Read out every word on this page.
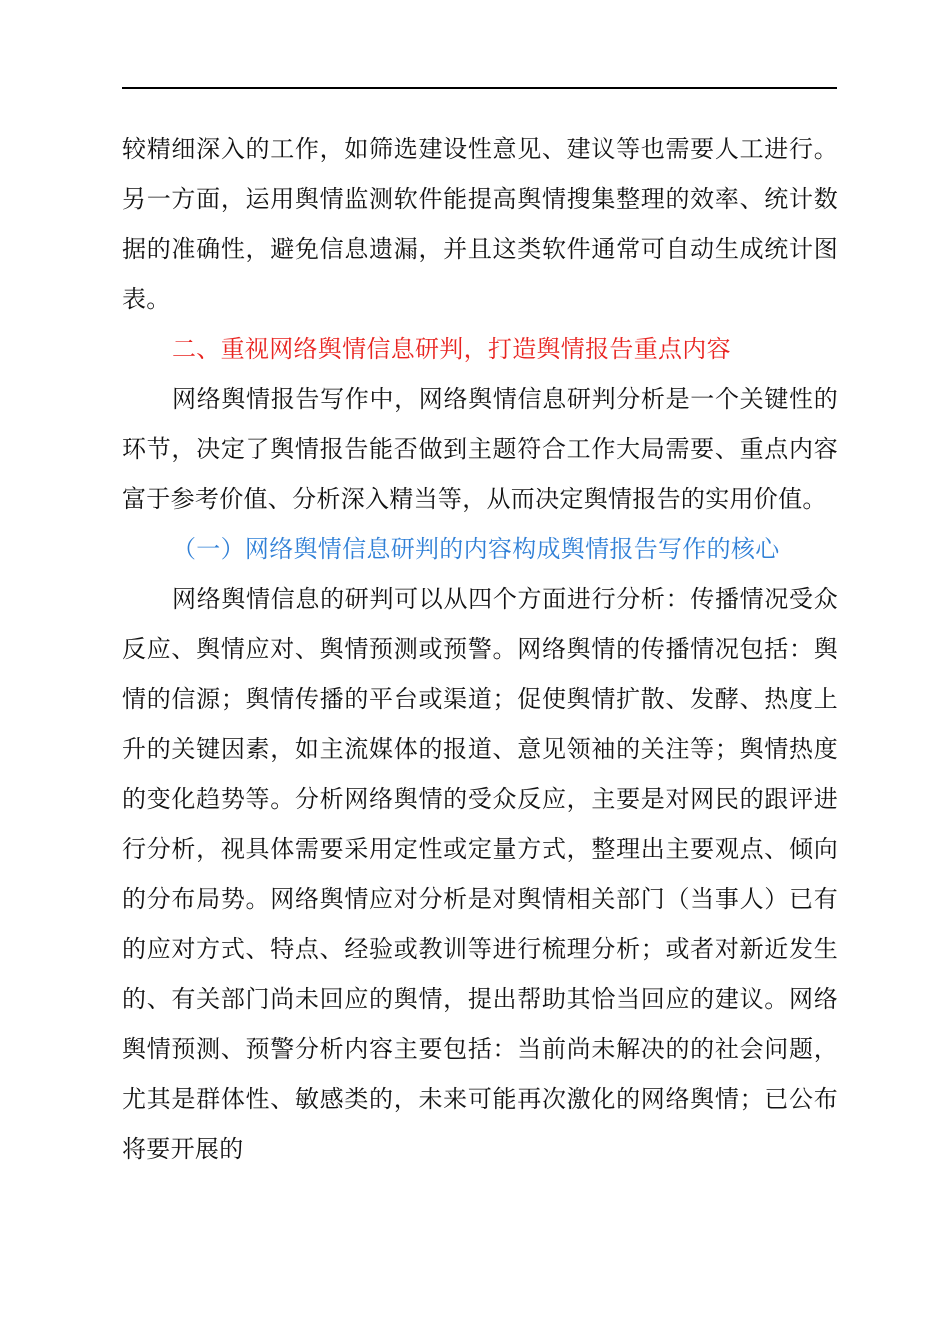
较精细深入的工作，如筛选建设性意见、建议等也需要人工进行。另一方面，运用舆情监测软件能提高舆情搜集整理的效率、统计数据的准确性，避免信息遗漏，并且这类软件通常可自动生成统计图表。

二、重视网络舆情信息研判，打造舆情报告重点内容

网络舆情报告写作中，网络舆情信息研判分析是一个关键性的环节，决定了舆情报告能否做到主题符合工作大局需要、重点内容富于参考价值、分析深入精当等，从而决定舆情报告的实用价值。

（一）网络舆情信息研判的内容构成舆情报告写作的核心

网络舆情信息的研判可以从四个方面进行分析：传播情况受众反应、舆情应对、舆情预测或预警。网络舆情的传播情况包括：舆情的信源；舆情传播的平台或渠道；促使舆情扩散、发酵、热度上升的关键因素，如主流媒体的报道、意见领袖的关注等；舆情热度的变化趋势等。分析网络舆情的受众反应，主要是对网民的跟评进行分析，视具体需要采用定性或定量方式，整理出主要观点、倾向的分布局势。网络舆情应对分析是对舆情相关部门（当事人）已有的应对方式、特点、经验或教训等进行梳理分析；或者对新近发生的、有关部门尚未回应的舆情，提出帮助其恰当回应的建议。网络舆情预测、预警分析内容主要包括：当前尚未解决的的社会问题，尤其是群体性、敏感类的，未来可能再次激化的网络舆情；已公布将要开展的
